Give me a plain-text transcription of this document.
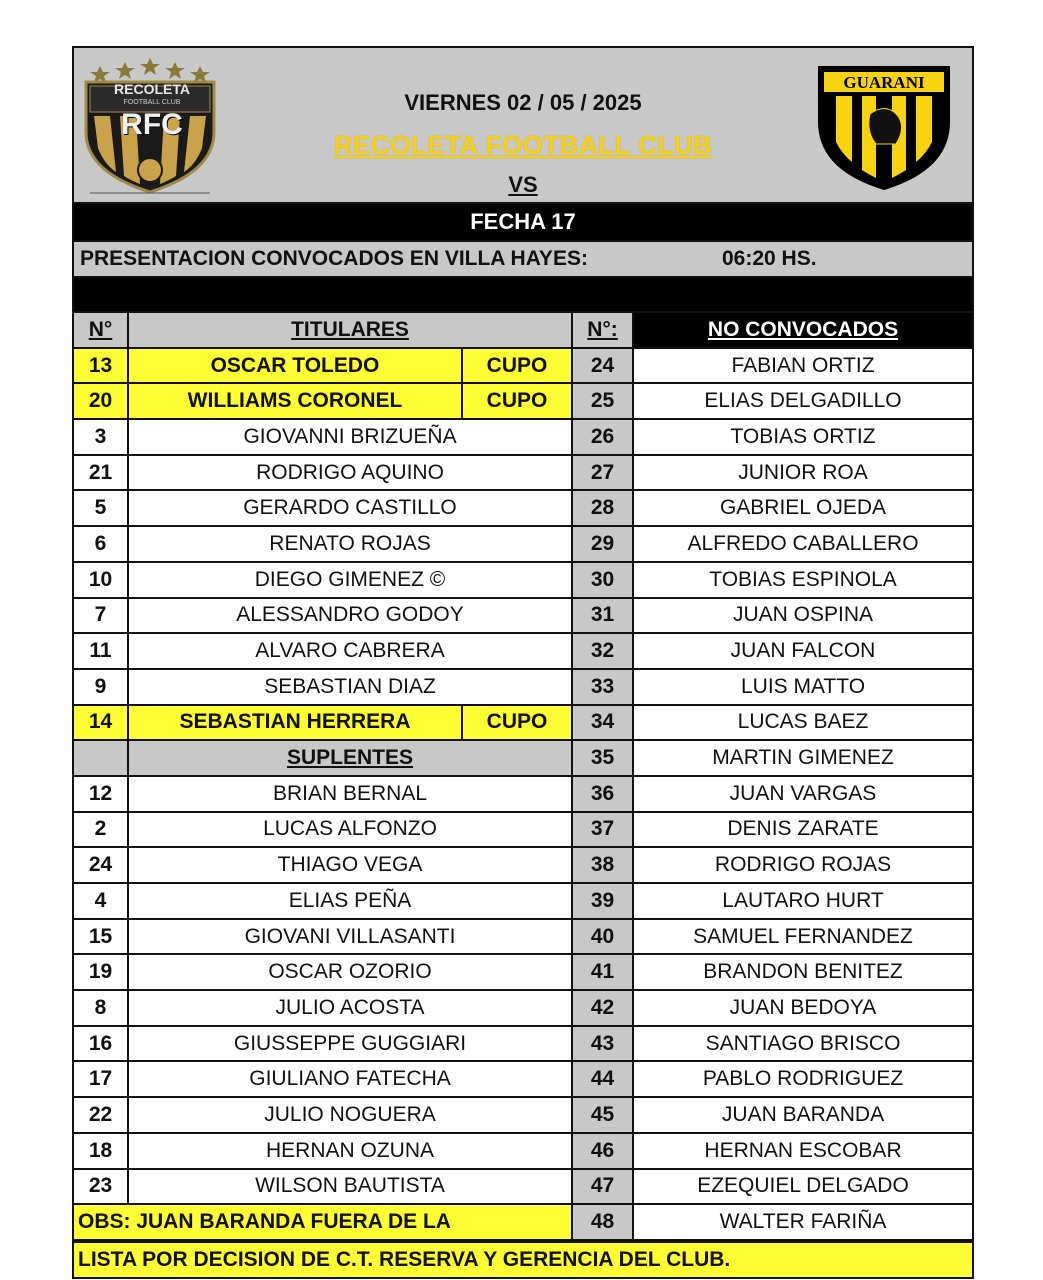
RECOLETA
FOOTBALL CLUB
RFC
GUARANI
VIERNES 02 / 05 / 2025
RECOLETA FOOTBALL CLUB
VS
FECHA 17
PRESENTACION CONVOCADOS EN VILLA HAYES:	06:20 HS.
N°	TITULARES		N°:	NO CONVOCADOS
13	OSCAR TOLEDO	CUPO	24	FABIAN ORTIZ
20	WILLIAMS CORONEL	CUPO	25	ELIAS DELGADILLO
3	GIOVANNI BRIZUEÑA		26	TOBIAS ORTIZ
21	RODRIGO AQUINO		27	JUNIOR ROA
5	GERARDO CASTILLO		28	GABRIEL OJEDA
6	RENATO ROJAS		29	ALFREDO CABALLERO
10	DIEGO GIMENEZ ©		30	TOBIAS ESPINOLA
7	ALESSANDRO GODOY		31	JUAN OSPINA
11	ALVARO CABRERA		32	JUAN FALCON
9	SEBASTIAN DIAZ		33	LUIS MATTO
14	SEBASTIAN HERRERA	CUPO	34	LUCAS BAEZ
	SUPLENTES		35	MARTIN GIMENEZ
12	BRIAN BERNAL		36	JUAN VARGAS
2	LUCAS ALFONZO		37	DENIS ZARATE
24	THIAGO VEGA		38	RODRIGO ROJAS
4	ELIAS PEÑA		39	LAUTARO HURT
15	GIOVANI VILLASANTI		40	SAMUEL FERNANDEZ
19	OSCAR OZORIO		41	BRANDON BENITEZ
8	JULIO ACOSTA		42	JUAN BEDOYA
16	GIUSSEPPE GUGGIARI		43	SANTIAGO BRISCO
17	GIULIANO FATECHA		44	PABLO RODRIGUEZ
22	JULIO NOGUERA		45	JUAN BARANDA
18	HERNAN OZUNA		46	HERNAN ESCOBAR
23	WILSON BAUTISTA		47	EZEQUIEL DELGADO
OBS: JUAN BARANDA FUERA DE LA			48	WALTER FARIÑA
LISTA POR DECISION DE C.T. RESERVA Y GERENCIA DEL CLUB.
